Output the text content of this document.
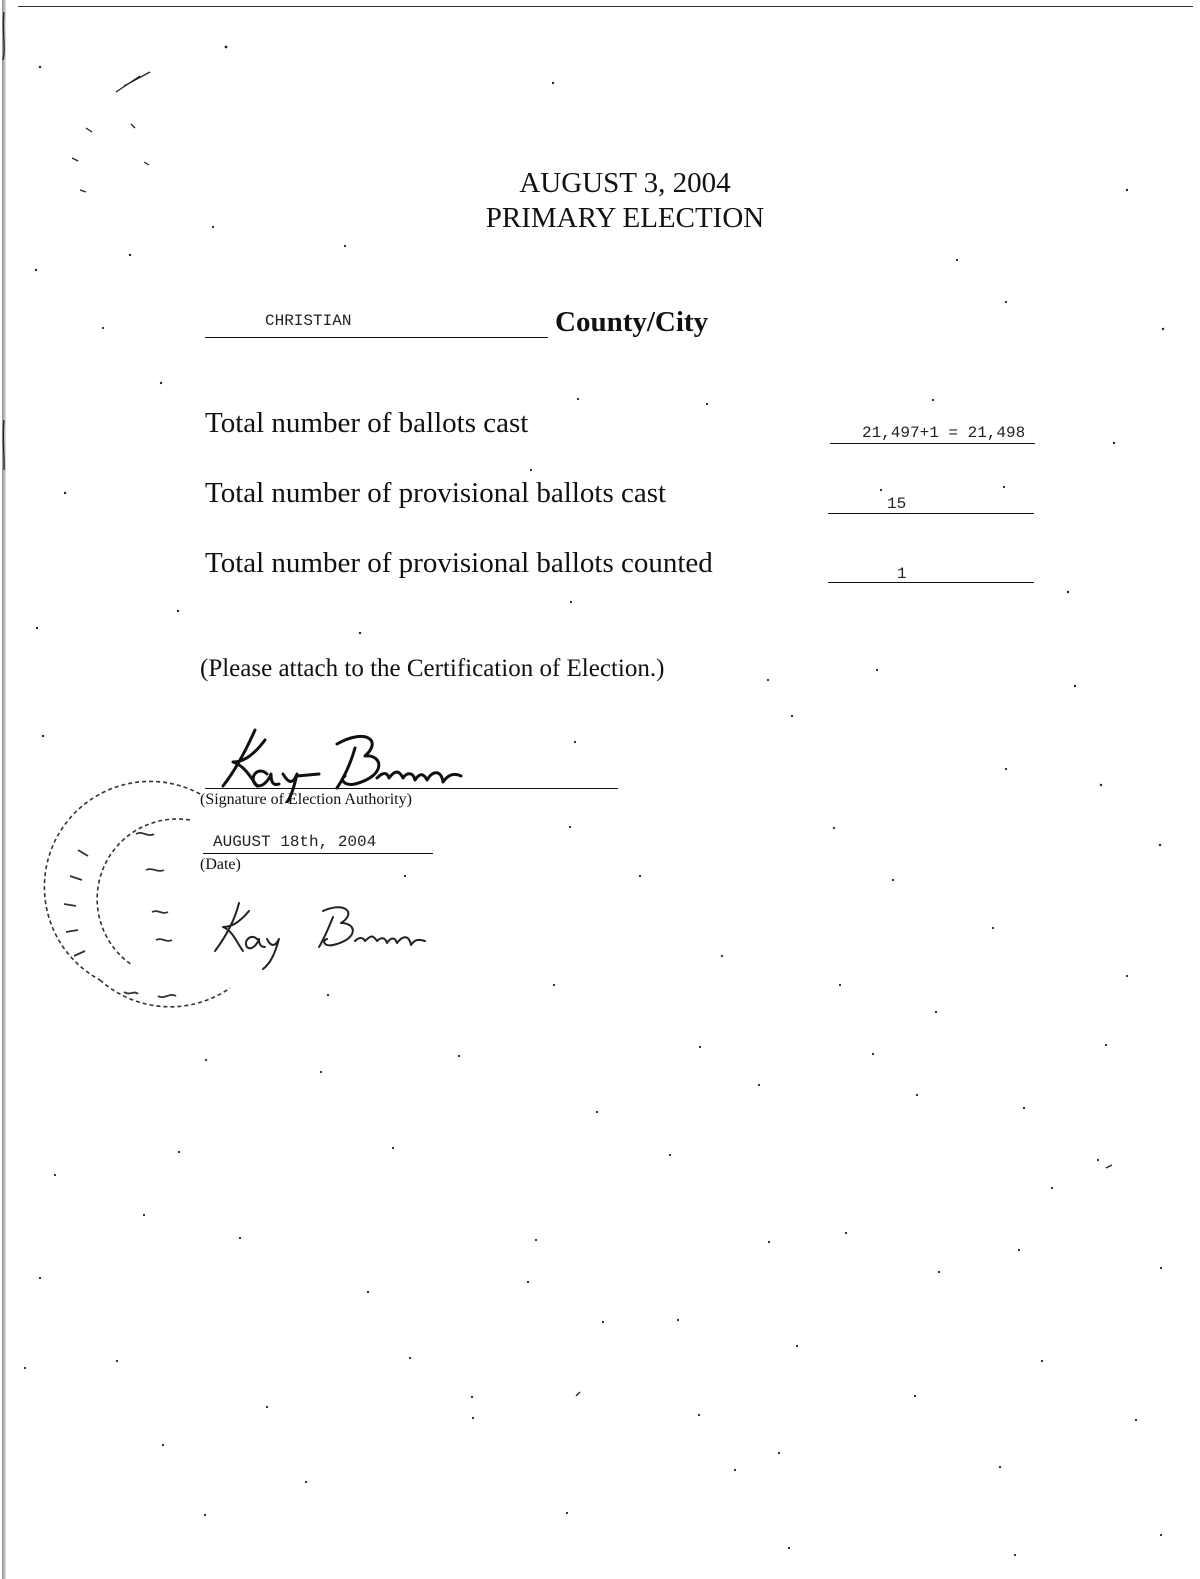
AUGUST 3, 2004
PRIMARY ELECTION
CHRISTIAN	County/City
Total number of ballots cast	21,497+1 = 21,498
Total number of provisional ballots cast	15
Total number of provisional ballots counted	1
(Please attach to the Certification of Election.)
(Signature of Election Authority)
AUGUST 18th, 2004
(Date)
